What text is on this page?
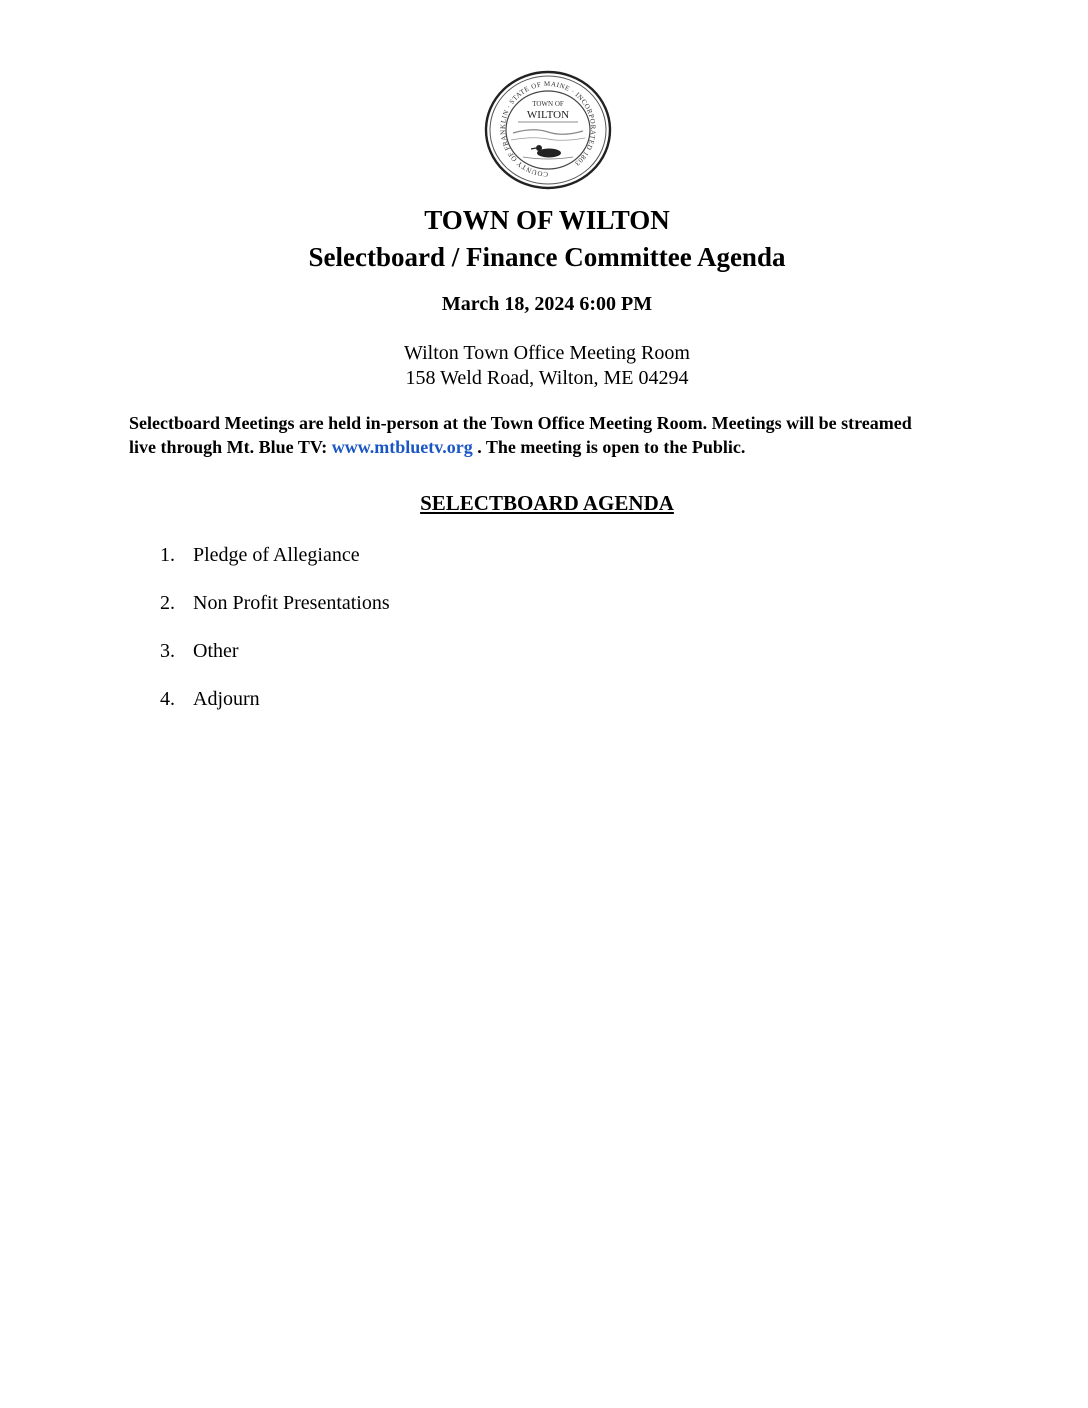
COUNTY OF FRANKLIN · STATE OF MAINE · INCORPORATED 1803
TOWN OF
WILTON
TOWN OF WILTON
Selectboard / Finance Committee Agenda
March 18, 2024 6:00 PM
Wilton Town Office Meeting Room
158 Weld Road, Wilton, ME 04294
Selectboard Meetings are held in-person at the Town Office Meeting Room. Meetings will be streamed live through Mt. Blue TV: www.mtbluetv.org . The meeting is open to the Public.
SELECTBOARD AGENDA
1. Pledge of Allegiance
2. Non Profit Presentations
3. Other
4. Adjourn
